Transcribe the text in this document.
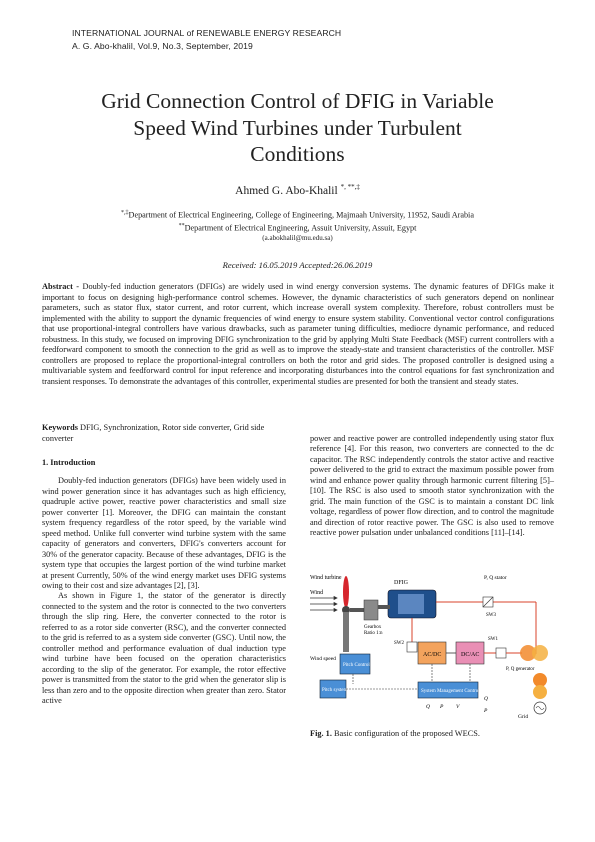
INTERNATIONAL JOURNAL of RENEWABLE ENERGY RESEARCH
A. G. Abo-khalil, Vol.9, No.3, September, 2019
Grid Connection Control of DFIG in Variable
Speed Wind Turbines under Turbulent
Conditions
Ahmed G. Abo-Khalil *, **,‡
*,‡Department of Electrical Engineering, College of Engineering, Majmaah University, 11952, Saudi Arabia
**Department of Electrical Engineering, Assuit University, Assuit, Egypt
(a.abokhalil@mu.edu.sa)
Received: 16.05.2019 Accepted:26.06.2019
Abstract - Doubly-fed induction generators (DFIGs) are widely used in wind energy conversion systems. The dynamic features of DFIGs make it important to focus on designing high-performance control schemes. However, the dynamic characteristics of such generators depend on nonlinear parameters, such as stator flux, stator current, and rotor current, which increase overall system complexity. Therefore, robust controllers must be implemented with the ability to support the dynamic frequencies of wind energy to ensure system stability. Conventional vector control configurations that use proportional-integral controllers have various drawbacks, such as parameter tuning difficulties, mediocre dynamic performance, and reduced robustness. In this study, we focused on improving DFIG synchronization to the grid by applying Multi State Feedback (MSF) current controllers with a feedforward component to smooth the connection to the grid as well as to improve the steady-state and transient characteristics of the controller. MSF controllers are proposed to replace the proportional-integral controllers on both the rotor and grid sides. The proposed controller is designed using a multivariable system and feedforward control for input reference and incorporating disturbances into the control equations for fast synchronization and transient responses. To demonstrate the advantages of this controller, experimental studies are presented for both the transient and steady states.
Keywords DFIG, Synchronization, Rotor side converter, Grid side converter
1. Introduction

Doubly-fed induction generators (DFIGs) have been widely used in wind power generation since it has advantages such as high efficiency, quadruple active power, reactive power characteristics and small size power converter [1]. Moreover, the DFIG can maintain the constant system frequency regardless of the rotor speed, by the variable wind speed method. Unlike full converter wind turbine system with the same capacity of generators and converters, DFIG's converters account for 30% of the generator capacity. Because of these advantages, DFIG is the system type that occupies the largest portion of the wind turbine market at present Currently, 50% of the wind energy market uses DFIG systems owing to their cost and size advantages [2], [3].

As shown in Figure 1, the stator of the generator is directly connected to the system and the rotor is connected to the two converters through the slip ring. Here, the converter connected to the rotor is referred to as a rotor side converter (RSC), and the converter connected to the grid is referred to as a system side converter (GSC). Until now, the controller method and performance evaluation of dual induction type wind turbine have been focused on the operation characteristics according to the slip of the generator. For example, the rotor effective power is transmitted from the stator to the grid when the generator slip is less than zero and to the opposite direction when greater than zero. Stator active

power and reactive power are controlled independently using stator flux reference [4]. For this reason, two converters are connected to the dc capacitor. The RSC independently controls the stator active and reactive power delivered to the grid to extract the maximum possible power from wind and enhance power quality through harmonic current filtering [5]–[10]. The RSC is also used to smooth stator synchronization with the grid. The main function of the GSC is to maintain a constant DC link voltage, regardless of power flow direction, and to control the magnitude and direction of rotor reactive power. The GSC is also used to remove reactive power pulsation under unbalanced conditions [11]–[14].
Wind turbine
Wind
Gearbox
Ratio 1:n
DFIG
P, Q stator
SW3
SW2
AC/DC	DC/AC
SW1
P, Q generator
Grid
Wind speed
Pitch Control
Pitch system	System Management Control
Q P V
Q
P
Fig. 1. Basic configuration of the proposed WECS.
